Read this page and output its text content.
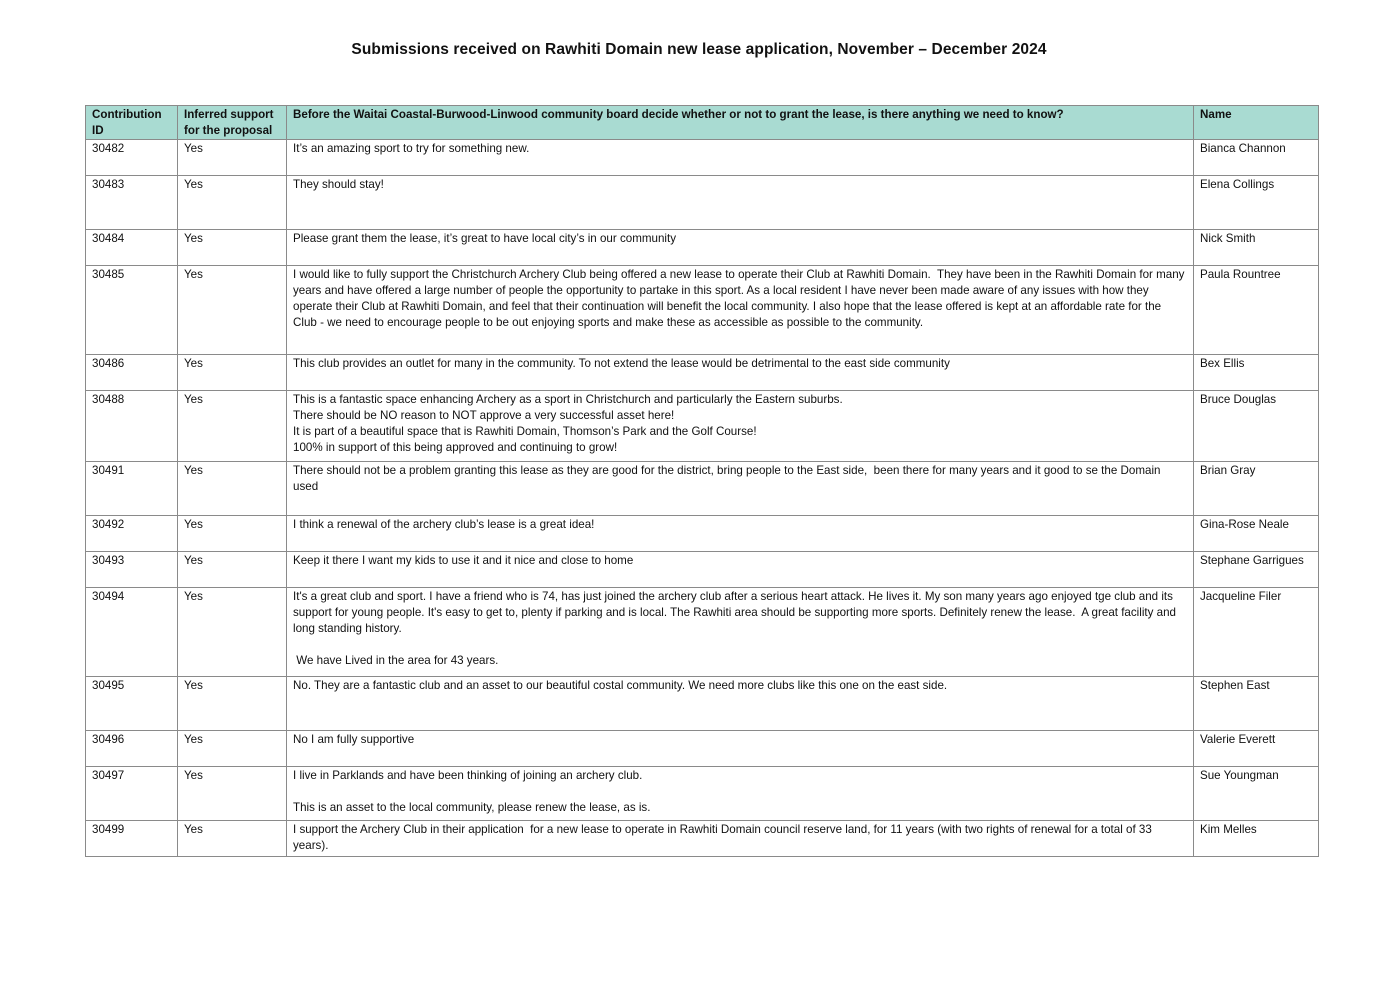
Submissions received on Rawhiti Domain new lease application, November – December 2024
Contribution ID	Inferred support for the proposal	Before the Waitai Coastal-Burwood-Linwood community board decide whether or not to grant the lease, is there anything we need to know?	Name
30482	Yes	It’s an amazing sport to try for something new.	Bianca Channon
30483	Yes	They should stay!	Elena Collings
30484	Yes	Please grant them the lease, it’s great to have local city’s in our community	Nick Smith
30485	Yes	I would like to fully support the Christchurch Archery Club being offered a new lease to operate their Club at Rawhiti Domain.  They have been in the Rawhiti Domain for many years and have offered a large number of people the opportunity to partake in this sport. As a local resident I have never been made aware of any issues with how they operate their Club at Rawhiti Domain, and feel that their continuation will benefit the local community. I also hope that the lease offered is kept at an affordable rate for the Club - we need to encourage people to be out enjoying sports and make these as accessible as possible to the community.	Paula Rountree
30486	Yes	This club provides an outlet for many in the community. To not extend the lease would be detrimental to the east side community	Bex Ellis
30488	Yes	This is a fantastic space enhancing Archery as a sport in Christchurch and particularly the Eastern suburbs.
There should be NO reason to NOT approve a very successful asset here!
It is part of a beautiful space that is Rawhiti Domain, Thomson’s Park and the Golf Course!
100% in support of this being approved and continuing to grow!	Bruce Douglas
30491	Yes	There should not be a problem granting this lease as they are good for the district, bring people to the East side,  been there for many years and it good to se the Domain used	Brian Gray
30492	Yes	I think a renewal of the archery club’s lease is a great idea!	Gina-Rose Neale
30493	Yes	Keep it there I want my kids to use it and it nice and close to home	Stephane Garrigues
30494	Yes	It's a great club and sport. I have a friend who is 74, has just joined the archery club after a serious heart attack. He lives it. My son many years ago enjoyed tge club and its support for young people. It's easy to get to, plenty if parking and is local. The Rawhiti area should be supporting more sports. Definitely renew the lease.  A great facility and long standing history.

We have Lived in the area for 43 years.	Jacqueline Filer
30495	Yes	No. They are a fantastic club and an asset to our beautiful costal community. We need more clubs like this one on the east side.	Stephen East
30496	Yes	No I am fully supportive	Valerie Everett
30497	Yes	I live in Parklands and have been thinking of joining an archery club.

This is an asset to the local community, please renew the lease, as is.	Sue Youngman
30499	Yes	I support the Archery Club in their application  for a new lease to operate in Rawhiti Domain council reserve land, for 11 years (with two rights of renewal for a total of 33 years).	Kim Melles
